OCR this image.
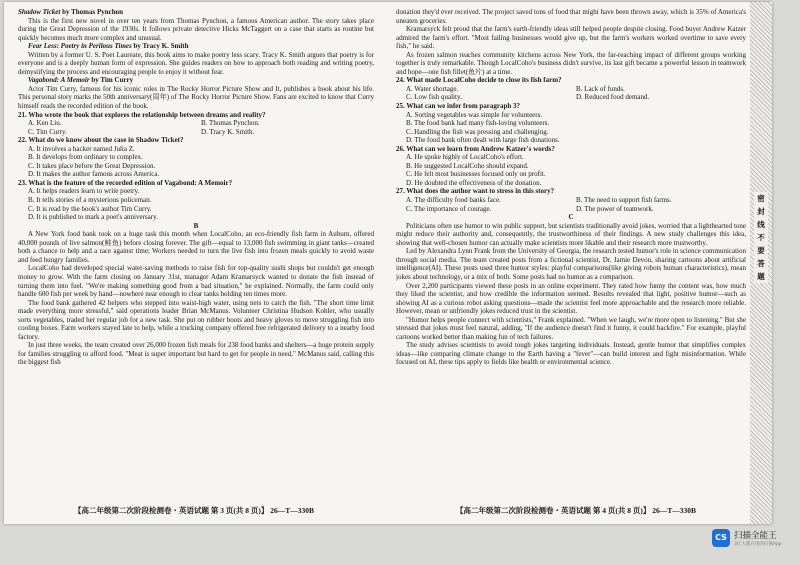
Shadow Ticket by Thomas Pynchon

This is the first new novel in over ten years from Thomas Pynchon, a famous American author. The story takes place during the Great Depression of the 1930s. It follows private detective Hicks McTaggert on a case that starts as routine but quickly becomes much more complex and unusual.

Fear Less: Poetry in Perilous Times by Tracy K. Smith

Written by a former U. S. Poet Laureate, this book aims to make poetry less scary. Tracy K. Smith argues that poetry is for everyone and is a deeply human form of expression. She guides readers on how to approach both reading and writing poetry, demystifying the process and encouraging people to enjoy it without fear.

Vagabond: A Memoir by Tim Curry

Actor Tim Curry, famous for his iconic roles in The Rocky Horror Picture Show and It, publishes a book about his life. This personal story marks the 50th anniversary(周年) of The Rocky Horror Picture Show. Fans are excited to know that Curry himself reads the recorded edition of the book.

21. Who wrote the book that explores the relationship between dreams and reality?

A. Ken Liu.	B. Thomas Pynchon.
C. Tim Curry.	D. Tracy K. Smith.

22. What do we know about the case in Shadow Ticket?

A. It involves a hacker named Julia Z.

B. It develops from ordinary to complex.

C. It takes place before the Great Depression.

D. It makes the author famous across America.

23. What is the feature of the recorded edition of Vagabond: A Memoir?

A. It helps readers learn to write poetry.

B. It tells stories of a mysterious policeman.

C. It is read by the book's author Tim Curry.

D. It is published to mark a poet's anniversary.

B

A New York food bank took on a huge task this month when LocalCoho, an eco-friendly fish farm in Auburn, offered 40,000 pounds of live salmon(鲑鱼) before closing forever. The gift—equal to 13,000 fish swimming in giant tanks—created both a chance to help and a race against time; Workers needed to turn the live fish into frozen meals quickly to avoid waste and feed hungry families.

LocalCoho had developed special water-saving methods to raise fish for top-quality sushi shops but couldn't get enough money to grow. With the farm closing on January 31st, manager Adam Kramarsyck wanted to donate the fish instead of turning them into fuel. "We're making something good from a bad situation," he explained. Normally, the farm could only handle 600 fish per week by hand—nowhere near enough to clear tanks holding ten times more.

The food bank gathered 42 helpers who stepped into waist-high water, using nets to catch the fish. "The short time limit made everything more stressful," said operations leader Brian McManus. Volunteer Christina Hudson Kohler, who usually sorts vegetables, traded her regular job for a new task. She put on rubber boots and heavy gloves to move struggling fish into cooling boxes. Farm workers stayed late to help, while a trucking company offered free refrigerated delivery to a nearby food factory.

In just three weeks, the team created over 26,000 frozen fish meals for 238 food banks and shelters—a huge protein supply for families struggling to afford food. "Meat is super important but hard to get for people in need," McManus said, calling this the biggest fish

donation they'd ever received. The project saved tons of food that might have been thrown away, which is 35% of America's uneaten groceries.

Kramarsyck felt proud that the farm's earth-friendly ideas still helped people despite closing. Food buyer Andrew Katzer admired the farm's effort. "Most failing businesses would give up, but the farm's workers worked overtime to save every fish," he said.

As frozen salmon reaches community kitchens across New York, the far-reaching impact of different groups working together is truly remarkable. Though LocalCoho's business didn't survive, its last gift became a powerful lesson in teamwork and hope—one fish fillet(鱼片) at a time.

24. What made LocalCoho decide to close its fish farm?

A. Water shortage.	B. Lack of funds.
C. Low fish quality.	D. Reduced food demand.

25. What can we infer from paragraph 3?

A. Sorting vegetables was simple for volunteers.

B. The food bank had many fish-loving volunteers.

C. Handling the fish was pressing and challenging.

D. The food bank often dealt with large fish donations.

26. What can we learn from Andrew Katzer's words?

A. He spoke highly of LocalCoho's effort.

B. He suggested LocalCoho should expand.

C. He felt most businesses focused only on profit.

D. He doubted the effectiveness of the donation.

27. What does the author want to stress in this story?

A. The difficulty food banks face.	B. The need to support fish farms.
C. The importance of courage.	D. The power of teamwork.

C

Politicians often use humor to win public support, but scientists traditionally avoid jokes, worried that a lighthearted tone might reduce their authority and, consequently, the trustworthiness of their findings. A new study challenges this idea, showing that well-chosen humor can actually make scientists more likable and their research more trustworthy.

Led by Alexandra Lynn Frank from the University of Georgia, the research tested humor's role in science communication through social media. The team created posts from a fictional scientist, Dr. Jamie Devon, sharing cartoons about artificial intelligence(AI). These posts used three humor styles: playful comparisons(like giving robots human characteristics), mean jokes about technology, or a mix of both. Some posts had no humor as a comparison.

Over 2,200 participants viewed these posts in an online experiment. They rated how funny the content was, how much they liked the scientist, and how credible the information seemed. Results revealed that light, positive humor—such as showing AI as a curious robot asking questions—made the scientist feel more approachable and the research more reliable. However, mean or unfriendly jokes reduced trust in the scientist.

"Humor helps people connect with scientists," Frank explained. "When we laugh, we're more open to listening." But she stressed that jokes must feel natural, adding, "If the audience doesn't find it funny, it could backfire." For example, playful cartoons worked better than making fun of tech failures.

The study advises scientists to avoid tough jokes targeting individuals. Instead, gentle humor that simplifies complex ideas—like comparing climate change to the Earth having a "fever"—can build interest and fight misinformation. While focused on AI, these tips apply to fields like health or environmental science.

【高二年级第二次阶段检测卷・英语试题 第 3 页(共 8 页)】 26—T—330B	【高二年级第二次阶段检测卷・英语试题 第 4 页(共 8 页)】 26—T—330B
密封线不要答题
CS 扫描全能王
3亿人都在用的扫描App
